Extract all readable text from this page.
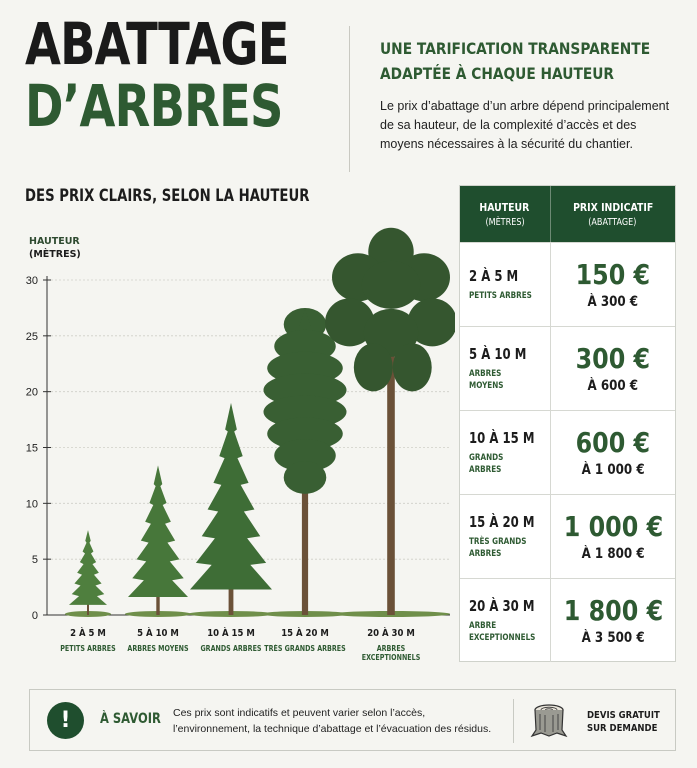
ABATTAGE
D’ARBRES
DES PRIX CLAIRS, SELON LA HAUTEUR
UNE TARIFICATION TRANSPARENTE
ADAPTÉE À CHAQUE HAUTEUR

Le prix d’abattage d’un arbre dépend principalement de sa hauteur, de la complexité d’accès et des moyens nécessaires à la sécurité du chantier.

HAUTEUR
(MÈTRES)
0
5
10
15
20
25
30
2 À 5 M
PETITS ARBRES
5 À 10 M
ARBRES MOYENS
10 À 15 M
GRANDS ARBRES
15 À 20 M
TRÈS GRANDS ARBRES
20 À 30 M
ARBRES EXCEPTIONNELS
HAUTEUR
(MÈTRES)
PRIX INDICATIF
(ABATTAGE)
2 À 5 M
PETITS ARBRES
150 €
À 300 €
5 À 10 M
ARBRES MOYENS
300 €
À 600 €
10 À 15 M
GRANDS ARBRES
600 €
À 1 000 €
15 À 20 M
TRÈS GRANDS ARBRES
1 000 €
À 1 800 €
20 À 30 M
ARBRE EXCEPTIONNELS
1 800 €
À 3 500 €
!	À SAVOIR Ces prix sont indicatifs et peuvent varier selon l’accès, l’environnement, la technique d’abattage et l’évacuation des résidus.

DEVIS GRATUIT
SUR DEMANDE
